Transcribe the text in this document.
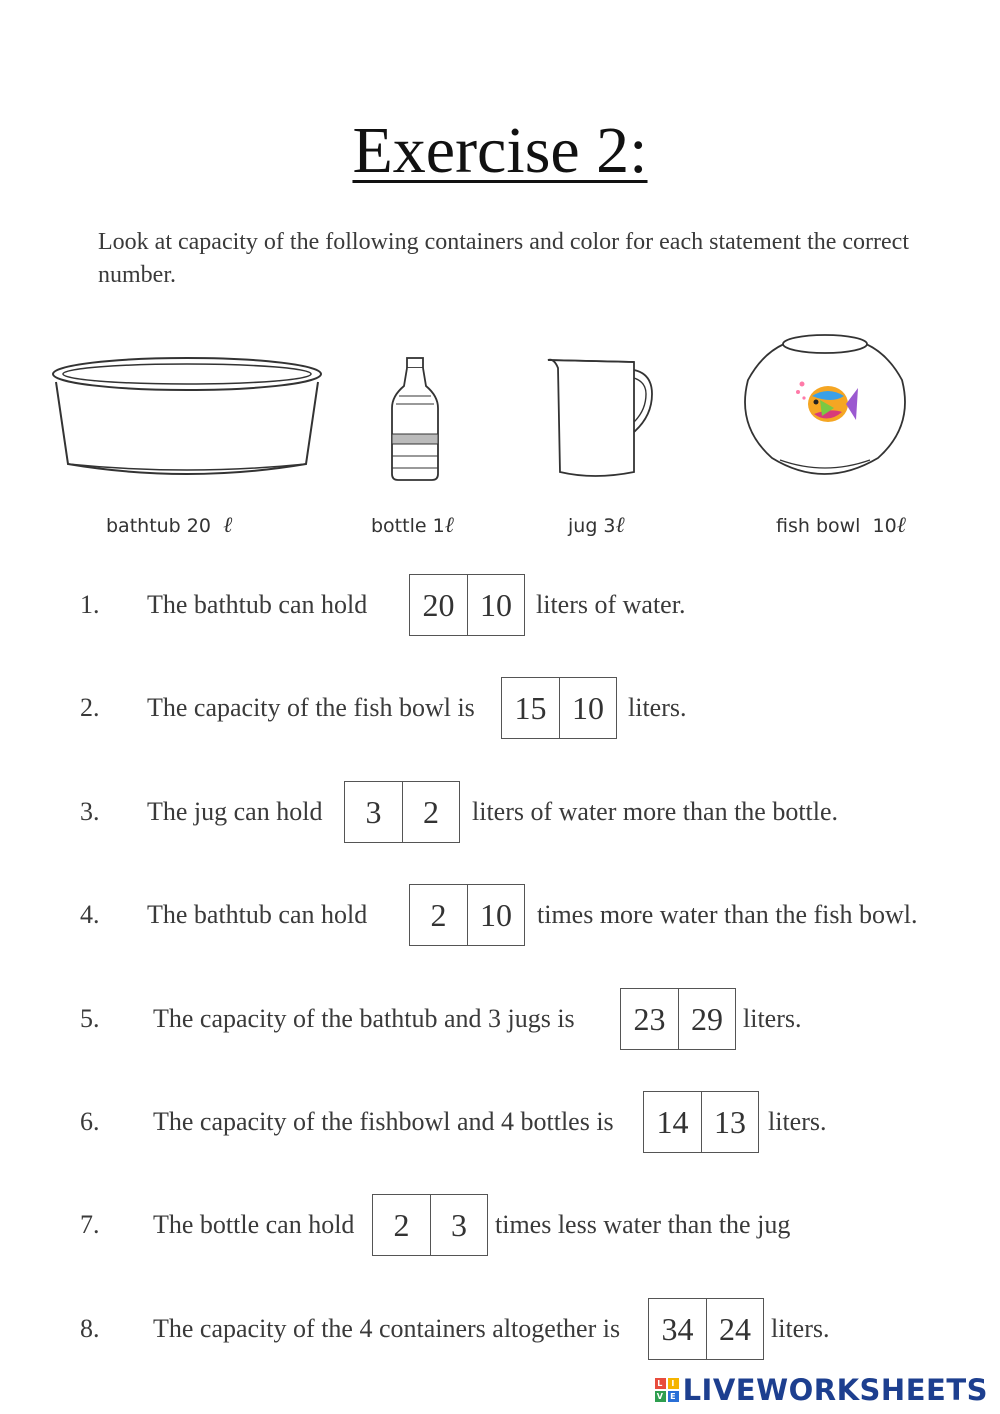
Exercise 2:
Look at capacity of the following containers and color for each statement the correct number.
bathtub 20 ℓ	bottle 1ℓ	jug 3ℓ	fish bowl  10ℓ
1. The bathtub can hold	20 10 liters of water.
2. The capacity of the fish bowl is	15 10 liters.
3. The jug can hold	3	2	liters of water more than the bottle.
4. The bathtub can hold	2	10 times more water than the fish bowl.
5. The capacity of the bathtub and 3 jugs is	23 29 liters.
6. The capacity of the fishbowl and 4 bottles is	14 13 liters.
7. The bottle can hold	2	3	times less water than the jug
8. The capacity of the 4 containers altogether is	34 24 liters.
L	I
V E LIVEWORKSHEETS
